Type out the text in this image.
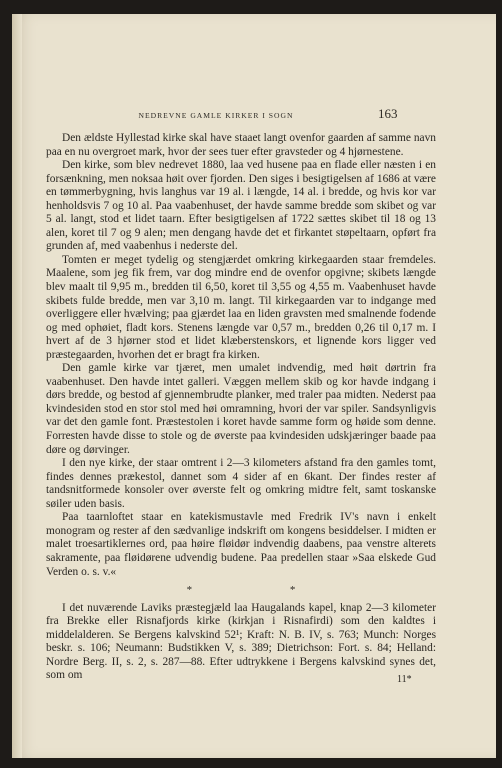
NEDREVNE GAMLE KIRKER I SOGN	163

Den ældste Hyllestad kirke skal have staaet langt ovenfor gaarden af samme navn paa en nu overgroet mark, hvor der sees tuer efter gravsteder og 4 hjørnestene.

Den kirke, som blev nedrevet 1880, laa ved husene paa en flade eller næsten i en forsænkning, men noksaa høit over fjorden. Den siges i besigtigelsen af 1686 at være en tømmerbygning, hvis langhus var 19 al. i længde, 14 al. i bredde, og hvis kor var henholdsvis 7 og 10 al. Paa vaabenhuset, der havde samme bredde som skibet og var 5 al. langt, stod et lidet taarn. Efter besigtigelsen af 1722 sættes skibet til 18 og 13 alen, koret til 7 og 9 alen; men dengang havde det et firkantet støpeltaarn, opført fra grunden af, med vaabenhus i nederste del.

Tomten er meget tydelig og stengjærdet omkring kirkegaarden staar fremdeles. Maalene, som jeg fik frem, var dog mindre end de ovenfor opgivne; skibets længde blev maalt til 9,95 m., bredden til 6,50, koret til 3,55 og 4,55 m. Vaabenhuset havde skibets fulde bredde, men var 3,10 m. langt. Til kirkegaarden var to indgange med overliggere eller hvælving; paa gjærdet laa en liden gravsten med smalnende fodende og med ophøiet, fladt kors. Stenens længde var 0,57 m., bredden 0,26 til 0,17 m. I hvert af de 3 hjørner stod et lidet klæberstenskors, et lignende kors ligger ved præstegaarden, hvorhen det er bragt fra kirken.

Den gamle kirke var tjæret, men umalet indvendig, med høit dørtrin fra vaabenhuset. Den havde intet galleri. Væggen mellem skib og kor havde indgang i dørs bredde, og bestod af gjennembrudte planker, med traler paa midten. Nederst paa kvindesiden stod en stor stol med høi omramning, hvori der var spiler. Sandsynligvis var det den gamle font. Præstestolen i koret havde samme form og høide som denne. Forresten havde disse to stole og de øverste paa kvindesiden udskjæringer baade paa døre og dørvinger.

I den nye kirke, der staar omtrent i 2—3 kilometers afstand fra den gamles tomt, findes dennes prækestol, dannet som 4 sider af en 6kant. Der findes rester af tandsnitformede konsoler over øverste felt og omkring midtre felt, samt toskanske søiler uden basis.

Paa taarnloftet staar en katekismustavle med Fredrik IV's navn i enkelt monogram og rester af den sædvanlige indskrift om kongens besiddelser. I midten er malet troesartiklernes ord, paa høire fløidør indvendig daabens, paa venstre alterets sakramente, paa fløidørene udvendig budene. Paa predellen staar »Saa elskede Gud Verden o. s. v.«

* *

I det nuværende Laviks præstegjæld laa Haugalands kapel, knap 2—3 kilometer fra Brekke eller Risnafjords kirke (kirkjan i Risnafirdi) som den kaldtes i middelalderen. Se Bergens kalvskind 52¹; Kraft: N. B. IV, s. 763; Munch: Norges beskr. s. 106; Neumann: Budstikken V, s. 389; Dietrichson: Fort. s. 84; Helland: Nordre Berg. II, s. 2, s. 287—88. Efter udtrykkene i Bergens kalvskind synes det, som om	11*
